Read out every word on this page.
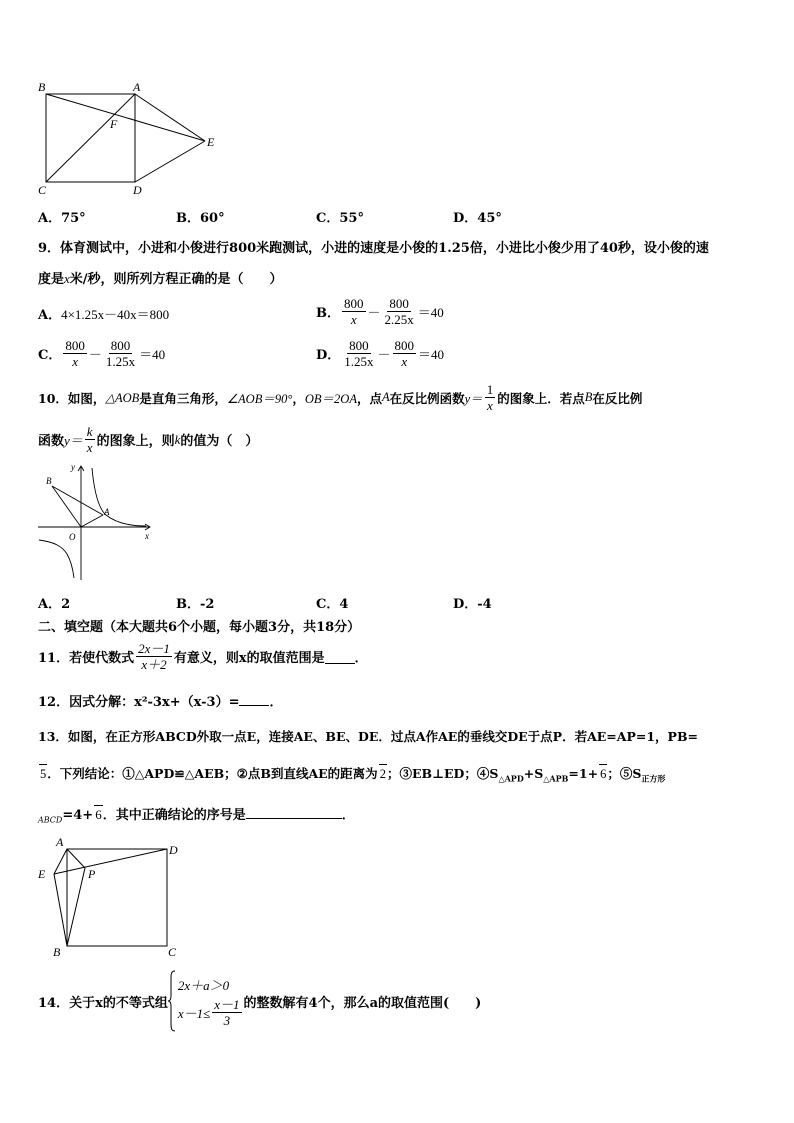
B	A
F
E
C	D
A．75°	B．60°	C．55°	D．45°
9．体育测试中，小进和小俊进行800米跑测试，小进的速度是小俊的1.25倍，小进比小俊少用了40秒，设小俊的速
度是x米/秒，则所列方程正确的是（　　）
A．4×1.25x－40x＝800	B． $\frac{800}{x} - \frac{800}{2.25x} =40$
C． $\frac{800}{x} - \frac{800}{1.25x} =40$	D． $\frac{800}{1.25x} - \frac{800}{x} =40$
10．如图， △AOB 是直角三角形， ∠AOB＝90° ， OB＝2OA ，点 A 在反比例函数 $y= \frac{1}{x}$ 的图象上．若点 B 在反比例
函数 $y= \frac{k}{x}$ 的图象上，则 k 的值为（　）
y
B
A
O	x
A．2	B．-2	C．4	D．-4
二、填空题（本大题共6个小题，每小题3分，共18分）
11．若使代数式 $\frac{2x-1}{x+2}$ 有意义，则x的取值范围是 ．
12．因式分解：x²-3x+（x-3）= ．
13．如图，在正方形ABCD外取一点E，连接AE、BE、DE．过点A作AE的垂线交DE于点P．若AE=AP=1，PB=
5．下列结论：①△APD≌△AEB；②点B到直线AE的距离为 2；③EB⊥ED；$④S_{\triangle APD}+S_{\triangle APB}=1+ 6$；$⑤S_{正方形}$
$_{ABCD}$=4+ 6．其中正确结论的序号是	．
A
D
E	P
B	C
14．关于x的不等式组
2x＋a＞0
$x-1\le \frac{x-1}{3}$ 的整数解有4个，那么a的取值范围(　　)
